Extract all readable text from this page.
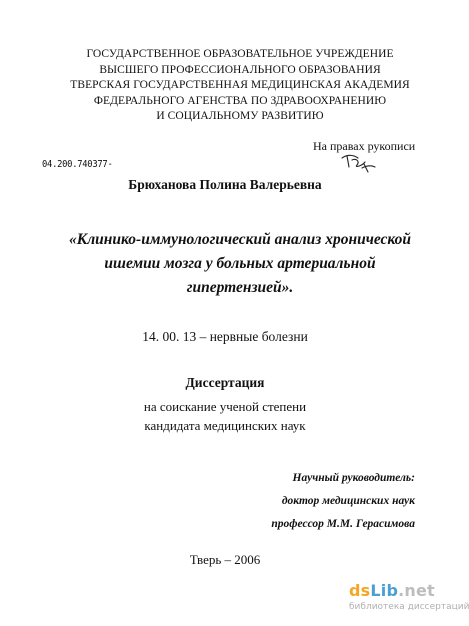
ГОСУДАРСТВЕННОЕ ОБРАЗОВАТЕЛЬНОЕ УЧРЕЖДЕНИЕ
ВЫСШЕГО ПРОФЕССИОНАЛЬНОГО ОБРАЗОВАНИЯ
ТВЕРСКАЯ ГОСУДАРСТВЕННАЯ МЕДИЦИНСКАЯ АКАДЕМИЯ
ФЕДЕРАЛЬНОГО АГЕНСТВА ПО ЗДРАВООХРАНЕНИЮ
И СОЦИАЛЬНОМУ РАЗВИТИЮ
На правах рукописи
04.200.740377-
Брюханова Полина Валерьевна
«Клинико-иммунологический анализ хронической
ишемии мозга у больных артериальной
гипертензией».
14. 00. 13 – нервные болезни
Диссертация
на соискание ученой степени
кандидата медицинских наук
Научный руководитель:
доктор медицинских наук
профессор М.М. Герасимова
Тверь – 2006
dsLib.net
библиотека диссертаций
